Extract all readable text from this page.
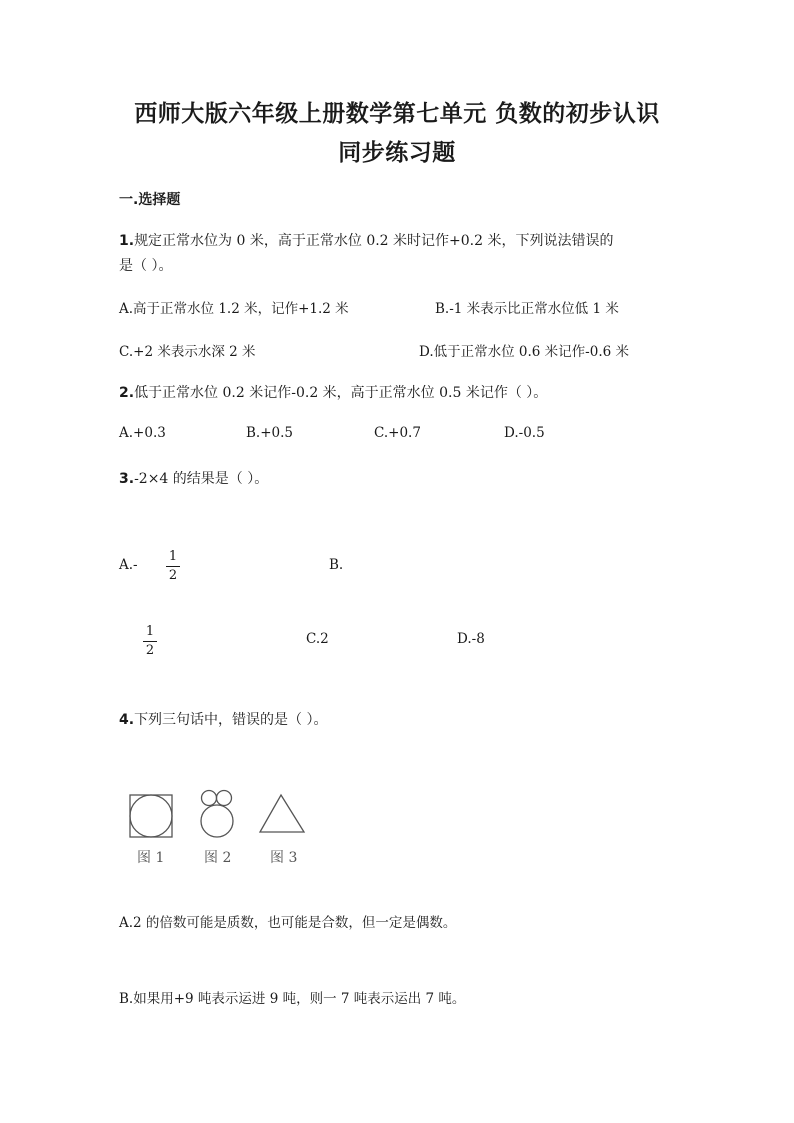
西师大版六年级上册数学第七单元 负数的初步认识
同步练习题
一.选择题
1.规定正常水位为 0 米，高于正常水位 0.2 米时记作+0.2 米，下列说法错误的
是（ ）。
A.高于正常水位 1.2 米，记作+1.2 米	B.-1 米表示比正常水位低 1 米
C.+2 米表示水深 2 米	D.低于正常水位 0.6 米记作-0.6 米
2.低于正常水位 0.2 米记作-0.2 米，高于正常水位 0.5 米记作（ ）。
A.+0.3	B.+0.5	C.+0.7	D.-0.5
3.-2×4 的结果是（ ）。
A.-
1
2
B.
1
2
C.2	D.-8
4.下列三句话中，错误的是（ ）。
图 1	图 2	图 3
A.2 的倍数可能是质数，也可能是合数，但一定是偶数。
B.如果用+9 吨表示运进 9 吨，则一 7 吨表示运出 7 吨。
